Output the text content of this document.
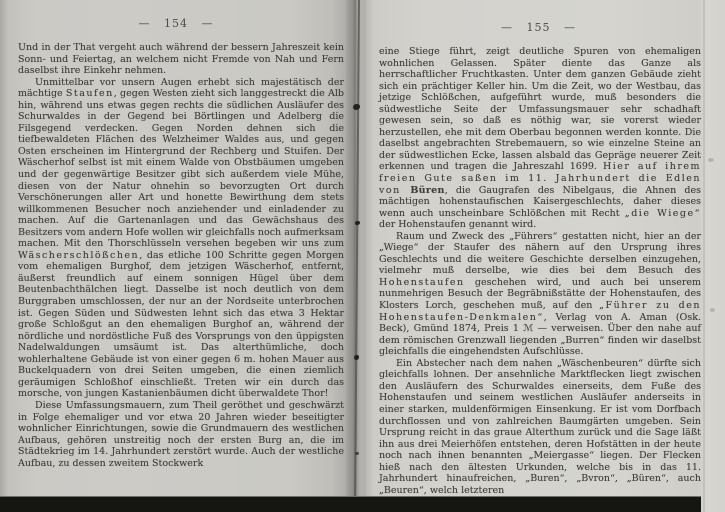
—   154   —

Und in der That vergeht auch während der bessern Jahreszeit kein Sonn- und Feiertag, an welchem nicht Fremde von Nah und Fern daselbst ihre Einkehr nehmen.

Unmittelbar vor unsern Augen erhebt sich majestätisch der mächtige Staufen, gegen Westen zieht sich langgestreckt die Alb hin, während uns etwas gegen rechts die südlichen Ausläufer des Schurwaldes in der Gegend bei Börtlingen und Adelberg die Filsgegend verdecken. Gegen Norden dehnen sich die tiefbewaldeten Flächen des Welzheimer Waldes aus, und gegen Osten erscheinen im Hintergrund der Rechberg und Stuifen. Der Wäscherhof selbst ist mit einem Walde von Obstbäumen umgeben und der gegenwärtige Besitzer gibt sich außerdem viele Mühe, diesen von der Natur ohnehin so bevorzugten Ort durch Verschönerungen aller Art und honette Bewirthung dem stets willkommenen Besucher noch anziehender und einladender zu machen. Auf die Gartenanlagen und das Gewächshaus des Besitzers vom andern Hofe wollen wir gleichfalls noch aufmerksam machen. Mit den Thorschlüsseln versehen begeben wir uns zum Wäscherschlößchen, das etliche 100 Schritte gegen Morgen vom ehemaligen Burghof, dem jetzigen Wäscherhof, entfernt, äußerst freundlich auf einem sonnigen Hügel über dem Beutenbachthälchen liegt. Dasselbe ist noch deutlich von dem Burggraben umschlossen, der nur an der Nordseite unterbrochen ist. Gegen Süden und Südwesten lehnt sich das etwa 3 Hektar große Schloßgut an den ehemaligen Burghof an, während der nördliche und nordöstliche Fuß des Vorsprungs von den üppigsten Nadelwaldungen umsäumt ist. Das alterthümliche, doch wohlerhaltene Gebäude ist von einer gegen 6 m. hohen Mauer aus Buckelquadern von drei Seiten umgeben, die einen ziemlich geräumigen Schloßhof einschließt. Treten wir ein durch das morsche, von jungen Kastanienbäumen dicht überwaldete Thor!

Diese Umfassungsmauern, zum Theil geröthet und geschwärzt in Folge ehemaliger und vor etwa 20 Jahren wieder beseitigter wohnlicher Einrichtungen, sowie die Grundmauern des westlichen Aufbaus, gehören unstreitig noch der ersten Burg an, die im Städtekrieg im 14. Jahrhundert zerstört wurde. Auch der westliche Aufbau, zu dessen zweitem Stockwerk

—   155   —

eine Stiege führt, zeigt deutliche Spuren von ehemaligen wohnlichen Gelassen. Später diente das Ganze als herrschaftlicher Fruchtkasten. Unter dem ganzen Gebäude zieht sich ein prächtiger Keller hin. Um die Zeit, wo der Westbau, das jetzige Schlößchen, aufgeführt wurde, muß besonders die südwestliche Seite der Umfassungsmauer sehr schadhaft gewesen sein, so daß es nöthig war, sie vorerst wieder herzustellen, ehe mit dem Oberbau begonnen werden konnte. Die daselbst angebrachten Strebemauern, so wie einzelne Steine an der südwestlichen Ecke, lassen alsbald das Gepräge neuerer Zeit erkennen und tragen die Jahreszahl 1699. Hier auf ihrem freien Gute saßen im 11. Jahrhundert die Edlen von Büren, die Gaugrafen des Nibelgaus, die Ahnen des mächtigen hohenstaufischen Kaisergeschlechts, daher dieses wenn auch unscheinbare Schlößchen mit Recht „die Wiege“ der Hohenstaufen genannt wird.

Raum und Zweck des „Führers“ gestatten nicht, hier an der „Wiege“ der Staufer des nähern auf den Ursprung ihres Geschlechts und die weitere Geschichte derselben einzugehen, vielmehr muß derselbe, wie dies bei dem Besuch des Hohenstaufen geschehen wird, und auch bei unserem nunmehrigen Besuch der Begräbnißstätte der Hohenstaufen, des Klosters Lorch, geschehen muß, auf den „Führer zu den Hohenstaufen-Denkmalen“, Verlag von A. Aman (Osk. Beck), Gmünd 1874, Preis 1 ℳ — verweisen. Über den nahe auf dem römischen Grenzwall liegenden „Burren“ finden wir daselbst gleichfalls die eingehendsten Aufschlüsse.

Ein Abstecher nach dem nahen „Wäschenbeuren“ dürfte sich gleichfalls lohnen. Der ansehnliche Marktflecken liegt zwischen den Ausläufern des Schurwaldes einerseits, dem Fuße des Hohenstaufen und seinem westlichen Ausläufer anderseits in einer starken, muldenförmigen Einsenkung. Er ist vom Dorfbach durchflossen und von zahlreichen Baumgärten umgeben. Sein Ursprung reicht in das graue Alterthum zurück und die Sage läßt ihn aus drei Meierhöfen entstehen, deren Hofstätten in der heute noch nach ihnen benannten „Meiergasse“ liegen. Der Flecken hieß nach den ältesten Urkunden, welche bis in das 11. Jahrhundert hinaufreichen, „Buren“, „Bvron“, „Büren“, auch „Beuren“, welch letzteren
